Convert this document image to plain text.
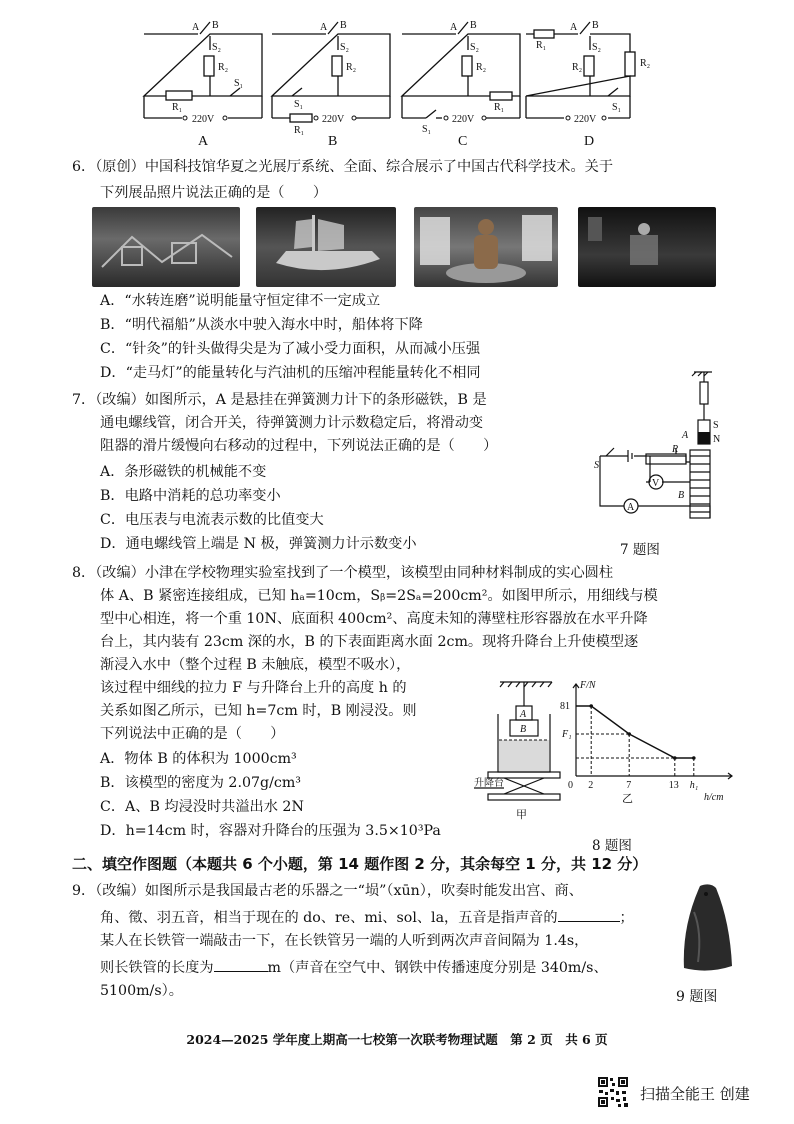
A B
S₂
R₂
R₁
S₁
220V
A B
S₂
R₂
S₁
R₁
220V
A B
S₂
R₂
R₁
S₁
220V
R₁
A B
S₂
R₂	R₂
S₁
220V
A	B	C	D
6．（原创）中国科技馆华夏之光展厅系统、全面、综合展示了中国古代科学技术。关于
下列展品照片说法正确的是（　　）
A．“水转连磨”说明能量守恒定律不一定成立
B．“明代福船”从淡水中驶入海水中时，船体将下降
C．“针灸”的针头做得尖是为了减小受力面积，从而减小压强
D．“走马灯”的能量转化与汽油机的压缩冲程能量转化不相同
7．（改编）如图所示，A 是悬挂在弹簧测力计下的条形磁铁，B 是
通电螺线管，闭合开关，待弹簧测力计示数稳定后，将滑动变
阻器的滑片缓慢向右移动的过程中，下列说法正确的是（　　）
A．条形磁铁的机械能不变
B．电路中消耗的总功率变小
C．电压表与电流表示数的比值变大
D．通电螺线管上端是 N 极，弹簧测力计示数变小
A
S
N
R
S
B
V
A
7 题图
8．（改编）小津在学校物理实验室找到了一个模型，该模型由同种材料制成的实心圆柱
体 A、B 紧密连接组成，已知 hₐ=10cm，Sᵦ=2Sₐ=200cm²。如图甲所示，用细线与模
型中心相连，将一个重 10N、底面积 400cm²、高度未知的薄壁柱形容器放在水平升降
台上，其内装有 23cm 深的水，B 的下表面距离水面 2cm。现将升降台上升使模型逐
渐浸入水中（整个过程 B 未触底，模型不吸水），
该过程中细线的拉力 F 与升降台上升的高度 h 的
关系如图乙所示，已知 h=7cm 时，B 刚浸没。则
下列说法中正确的是（　　）
A．物体 B 的体积为 1000cm³
B．该模型的密度为 2.07g/cm³
C．A、B 均浸没时共溢出水 2N
D．h=14cm 时，容器对升降台的压强为 3.5×10³Pa
A
B
升降台
甲
F/N
h/cm
81
F₁
0 2	7	13 h₁
乙
8 题图
二、填空作图题（本题共 6 个小题，第 14 题作图 2 分，其余每空 1 分，共 12 分）
9．（改编）如图所示是我国最古老的乐器之一“埙”（xūn），吹奏时能发出宫、商、
角、徵、羽五音，相当于现在的 do、re、mi、sol、la，五音是指声音的	；
某人在长铁管一端敲击一下，在长铁管另一端的人听到两次声音间隔为 1.4s，
则长铁管的长度为	m（声音在空气中、钢铁中传播速度分别是 340m/s、
5100m/s）。	9 题图
2024—2025 学年度上期高一七校第一次联考物理试题　第 2 页　共 6 页
扫描全能王 创建
